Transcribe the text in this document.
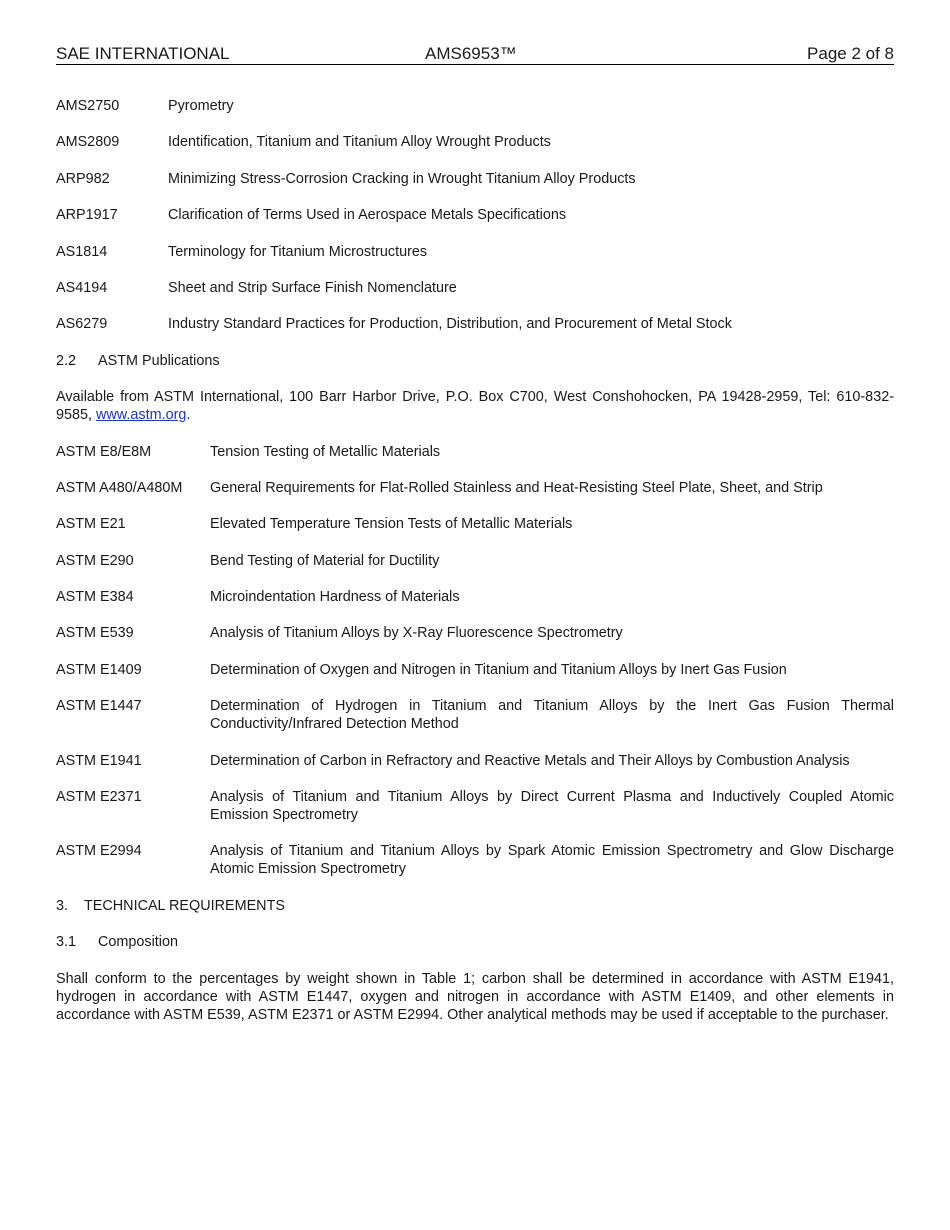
SAE INTERNATIONAL	AMS6953™	Page 2 of 8
AMS2750	Pyrometry
AMS2809	Identification, Titanium and Titanium Alloy Wrought Products
ARP982	Minimizing Stress-Corrosion Cracking in Wrought Titanium Alloy Products
ARP1917	Clarification of Terms Used in Aerospace Metals Specifications
AS1814	Terminology for Titanium Microstructures
AS4194	Sheet and Strip Surface Finish Nomenclature
AS6279	Industry Standard Practices for Production, Distribution, and Procurement of Metal Stock
2.2 ASTM Publications
Available from ASTM International, 100 Barr Harbor Drive, P.O. Box C700, West Conshohocken, PA 19428-2959, Tel: 610-832-9585, www.astm.org.
ASTM E8/E8M	Tension Testing of Metallic Materials
ASTM A480/A480M	General Requirements for Flat-Rolled Stainless and Heat-Resisting Steel Plate, Sheet, and Strip
ASTM E21	Elevated Temperature Tension Tests of Metallic Materials
ASTM E290	Bend Testing of Material for Ductility
ASTM E384	Microindentation Hardness of Materials
ASTM E539	Analysis of Titanium Alloys by X-Ray Fluorescence Spectrometry
ASTM E1409	Determination of Oxygen and Nitrogen in Titanium and Titanium Alloys by Inert Gas Fusion
ASTM E1447	Determination of Hydrogen in Titanium and Titanium Alloys by the Inert Gas Fusion Thermal Conductivity/Infrared Detection Method
ASTM E1941	Determination of Carbon in Refractory and Reactive Metals and Their Alloys by Combustion Analysis
ASTM E2371	Analysis of Titanium and Titanium Alloys by Direct Current Plasma and Inductively Coupled Atomic Emission Spectrometry
ASTM E2994	Analysis of Titanium and Titanium Alloys by Spark Atomic Emission Spectrometry and Glow Discharge Atomic Emission Spectrometry
3. TECHNICAL REQUIREMENTS
3.1 Composition
Shall conform to the percentages by weight shown in Table 1; carbon shall be determined in accordance with ASTM E1941, hydrogen in accordance with ASTM E1447, oxygen and nitrogen in accordance with ASTM E1409, and other elements in accordance with ASTM E539, ASTM E2371 or ASTM E2994. Other analytical methods may be used if acceptable to the purchaser.
